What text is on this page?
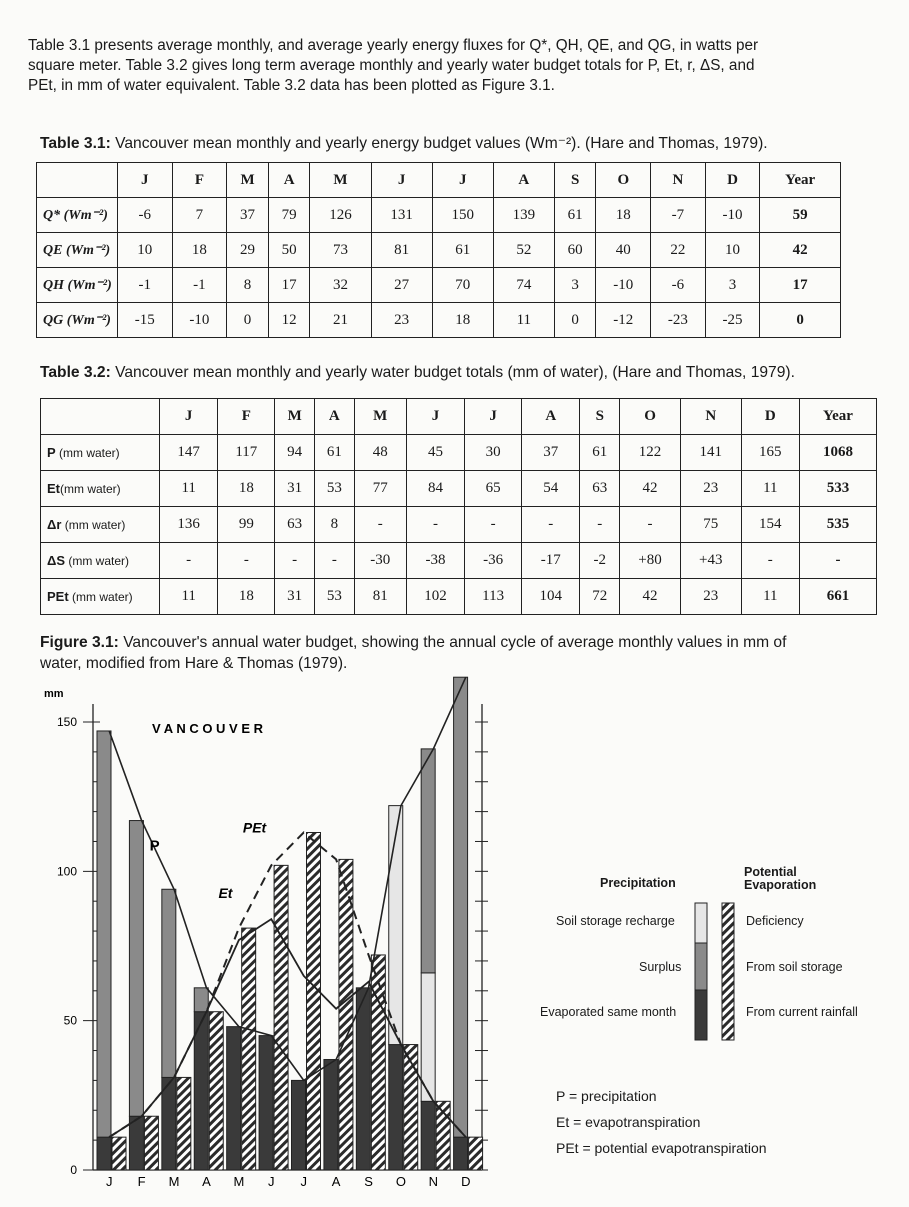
Table 3.1 presents average monthly, and average yearly energy fluxes for Q*, QH, QE, and QG, in watts per

square meter. Table 3.2 gives long term average monthly and yearly water budget totals for P, Et, r, ΔS, and

PEt, in mm of water equivalent. Table 3.2 data has been plotted as Figure 3.1.

Table 3.1: Vancouver mean monthly and yearly energy budget values (Wm⁻²). (Hare and Thomas, 1979).
	J	F	M	A	M	J	J	A	S	O	N	D	Year
Q* (Wm⁻²)	-6	7	37	79	126	131	150	139	61	18	-7	-10	59
QE (Wm⁻²)	10	18	29	50	73	81	61	52	60	40	22	10	42
QH (Wm⁻²)	-1	-1	8	17	32	27	70	74	3	-10	-6	3	17
QG (Wm⁻²)	-15	-10	0	12	21	23	18	11	0	-12	-23	-25	0
Table 3.2: Vancouver mean monthly and yearly water budget totals (mm of water), (Hare and Thomas, 1979).
	J	F	M	A	M	J	J	A	S	O	N	D	Year
P (mm water)	147	117	94	61	48	45	30	37	61	122	141	165	1068
Et(mm water)	11	18	31	53	77	84	65	54	63	42	23	11	533
Δr (mm water)	136	99	63	8	-	-	-	-	-	-	75	154	535
ΔS (mm water)	-	-	-	-	-30	-38	-36	-17	-2	+80	+43	-	-
PEt (mm water)	11	18	31	53	81	102	113	104	72	42	23	11	661
Figure 3.1: Vancouver's annual water budget, showing the annual cycle of average monthly values in mm of
water, modified from Hare & Thomas (1979).
0
50
100
150
mm
V A N C O U V E R
P
Et
PEt
J F M A M J J A S O N D
Precipitation
Potential
Evaporation
Soil storage recharge
Surplus
Evaporated same month
Deficiency
From soil storage
From current rainfall
P = precipitation
Et = evapotranspiration
PEt = potential evapotranspiration
